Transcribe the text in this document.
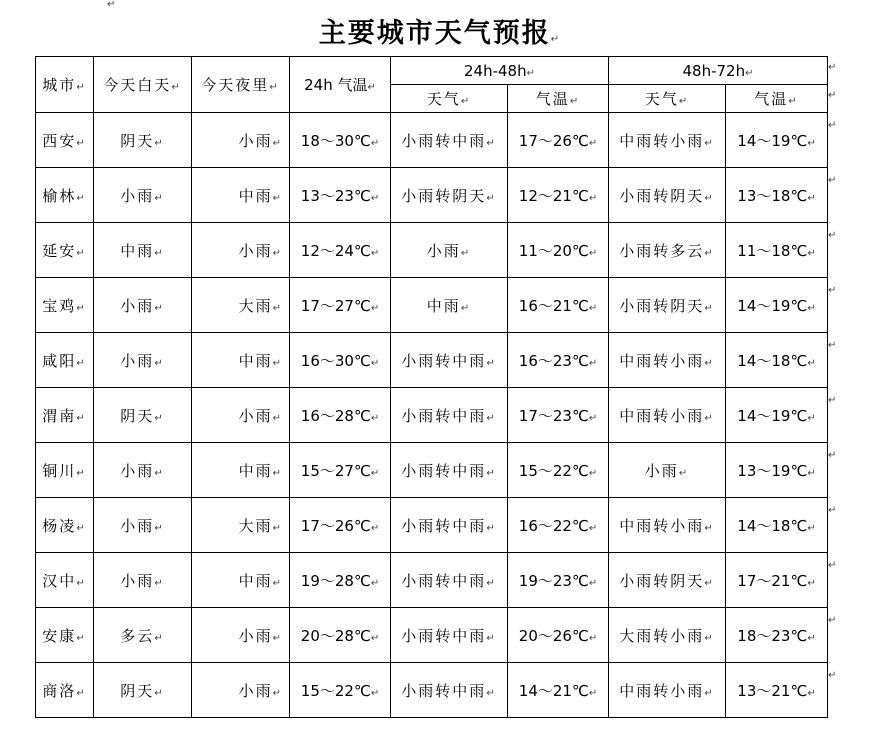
↵
主要城市天气预报↵
城市↵	今天白天↵	今天夜里↵	24h 气温↵	24h-48h↵		48h-72h↵	
				天气↵	气温↵	天气↵	气温↵
西安↵	阴天↵	小雨↵	18～30℃↵	小雨转中雨↵	17～26℃↵	中雨转小雨↵	14～19℃↵
榆林↵	小雨↵	中雨↵	13～23℃↵	小雨转阴天↵	12～21℃↵	小雨转阴天↵	13～18℃↵
延安↵	中雨↵	小雨↵	12～24℃↵	小雨↵	11～20℃↵	小雨转多云↵	11～18℃↵
宝鸡↵	小雨↵	大雨↵	17～27℃↵	中雨↵	16～21℃↵	小雨转阴天↵	14～19℃↵
咸阳↵	小雨↵	中雨↵	16～30℃↵	小雨转中雨↵	16～23℃↵	中雨转小雨↵	14～18℃↵
渭南↵	阴天↵	小雨↵	16～28℃↵	小雨转中雨↵	17～23℃↵	中雨转小雨↵	14～19℃↵
铜川↵	小雨↵	中雨↵	15～27℃↵	小雨转中雨↵	15～22℃↵	小雨↵	13～19℃↵
杨凌↵	小雨↵	大雨↵	17～26℃↵	小雨转中雨↵	16～22℃↵	中雨转小雨↵	14～18℃↵
汉中↵	小雨↵	中雨↵	19～28℃↵	小雨转中雨↵	19～23℃↵	小雨转阴天↵	17～21℃↵
安康↵	多云↵	小雨↵	20～28℃↵	小雨转中雨↵	20～26℃↵	大雨转小雨↵	18～23℃↵
商洛↵	阴天↵	小雨↵	15～22℃↵	小雨转中雨↵	14～21℃↵	中雨转小雨↵	13～21℃↵
↵
↵
↵
↵
↵
↵
↵
↵
↵
↵
↵
↵
↵
